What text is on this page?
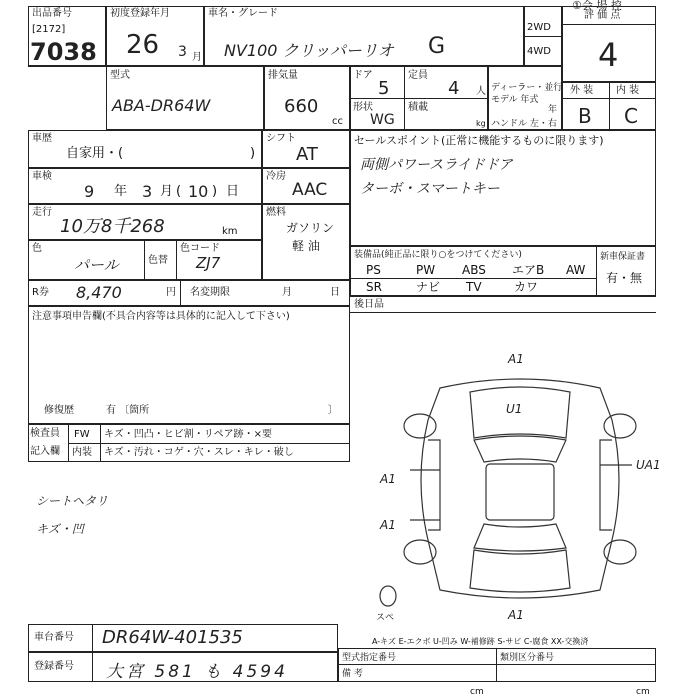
①会 場 控
出品番号
[2172]
7038
初度登録年月
26 3 月
車名・グレード
NV100 クリッパーリオ G
2WD
4WD
評 価 点
4
型式
ABA-DR64W
排気量
660
cc
ドア
5
定員
4 人
形状
WG
積載
kg
ディーラー・並行
モデル 年式
年
ハンドル 左・右
外 装 内 装
B C
車歴
自家用・(	)
シフト
AT
セールスポイント(正常に機能するものに限ります)
両側パワースライドドア
ターボ・スマートキー
車検
9 年 3 月 ( 10 ) 日
冷房
AAC
走行
10万8千268	km
燃料
ガソリン
軽 油
色
パール	色替
色コード
ZJ7	装備品(純正品に限り○をつけてください)	新車保証書
有・無
PS	PW ABS エアB AW
SR	ナビ TV	カワ
R券 8,470	円 名変期限	月	日
後日品
注意事項申告欄(不具合内容等は具体的に記入して下さい)
修復歴	有 〔箇所	〕
検査員
記入欄
FW キズ・凹凸・ヒビ割・リペア跡・×要
内装 キズ・汚れ・コゲ・穴・スレ・キレ・破し
シートヘタリ
キズ・凹
A1
U1
A1
UA1
A1
A1
スペ
A-キズ E-エクボ U-凹み W-補修跡 S-サビ C-腐食 XX-交換済
車台番号 DR64W-401535
登録番号 大宮 581 も 4594
型式指定番号	類別区分番号
備 考
cm	cm
